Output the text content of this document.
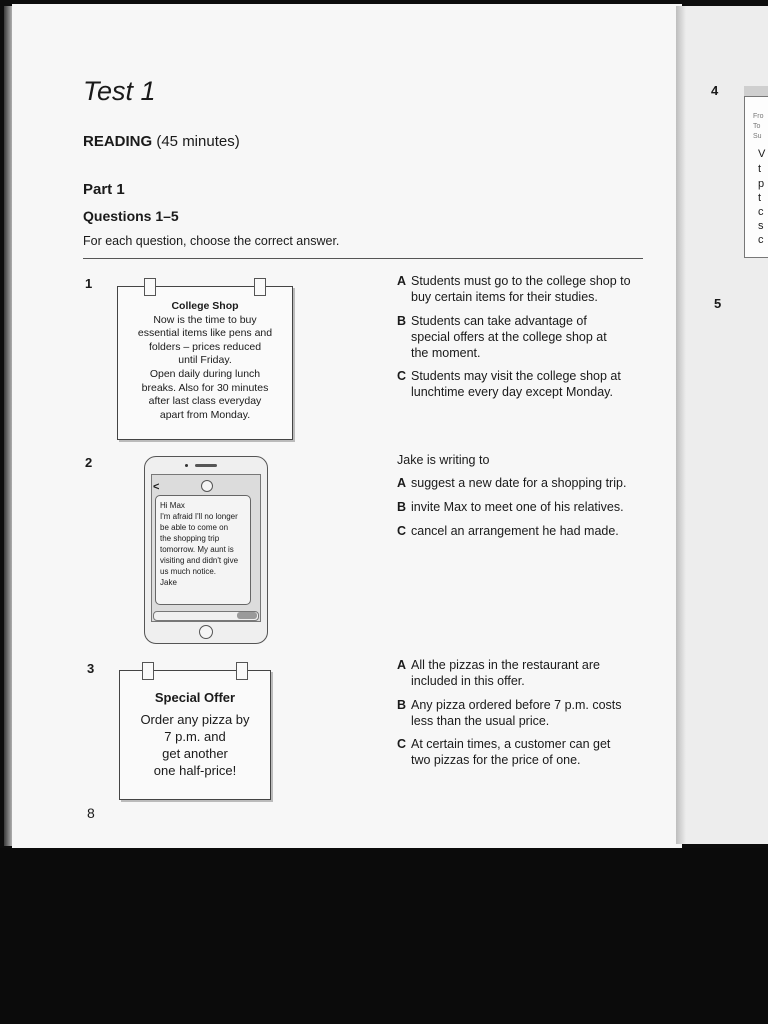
Test 1
READING (45 minutes)
Part 1
Questions 1–5
For each question, choose the correct answer.
1
College Shop
Now is the time to buy
essential items like pens and
folders – prices reduced
until Friday.
Open daily during lunch
breaks. Also for 30 minutes
after last class everyday
apart from Monday.
A Students must go to the college shop to
buy certain items for their studies.
B Students can take advantage of
special offers at the college shop at
the moment.
C Students may visit the college shop at
lunchtime every day except Monday.
2
<
Hi Max
I'm afraid I'll no longer
be able to come on
the shopping trip
tomorrow. My aunt is
visiting and didn't give
us much notice.
Jake
Jake is writing to
A suggest a new date for a shopping trip.
B invite Max to meet one of his relatives.
C cancel an arrangement he had made.
3
Special Offer
Order any pizza by
7 p.m. and
get another
one half-price!
A All the pizzas in the restaurant are
included in this offer.
B Any pizza ordered before 7 p.m. costs
less than the usual price.
C At certain times, a customer can get
two pizzas for the price of one.
8
4
5
Fro
To
Su
V
t
p
t
c
s
c
